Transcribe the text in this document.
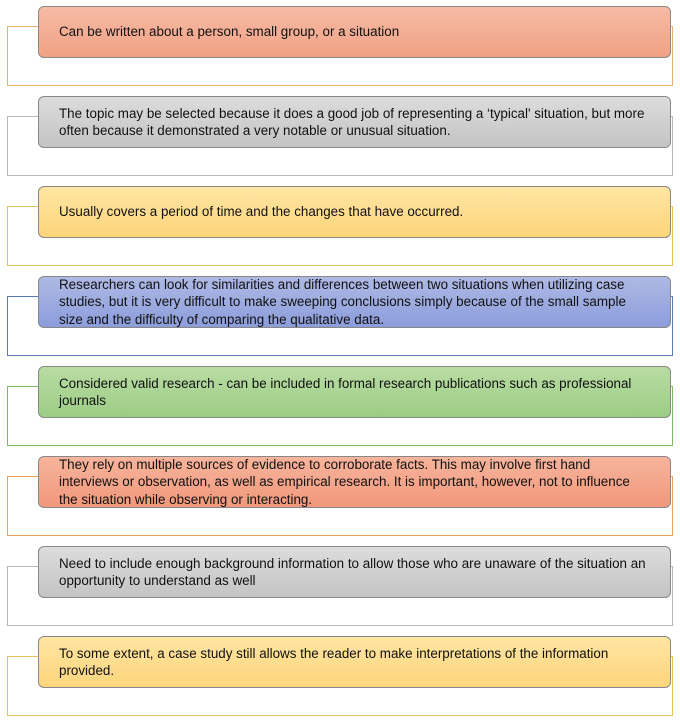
Can be written about a person, small group, or a situation
The topic may be selected because it does a good job of representing a ‘typical' situation, but more often because it demonstrated a very notable or unusual situation.
Usually covers a period of time and the changes that have occurred.
Researchers can look for similarities and differences between two situations when utilizing case studies, but it is very difficult to make sweeping conclusions simply because of the small sample size and the difficulty of comparing the qualitative data.
Considered valid research - can be included in formal research publications such as professional journals
They rely on multiple sources of evidence to corroborate facts. This may involve first hand interviews or observation, as well as empirical research. It is important, however, not to influence the situation while observing or interacting.
Need to include enough background information to allow those who are unaware of the situation an opportunity to understand as well
To some extent, a case study still allows the reader to make interpretations of the information provided.
